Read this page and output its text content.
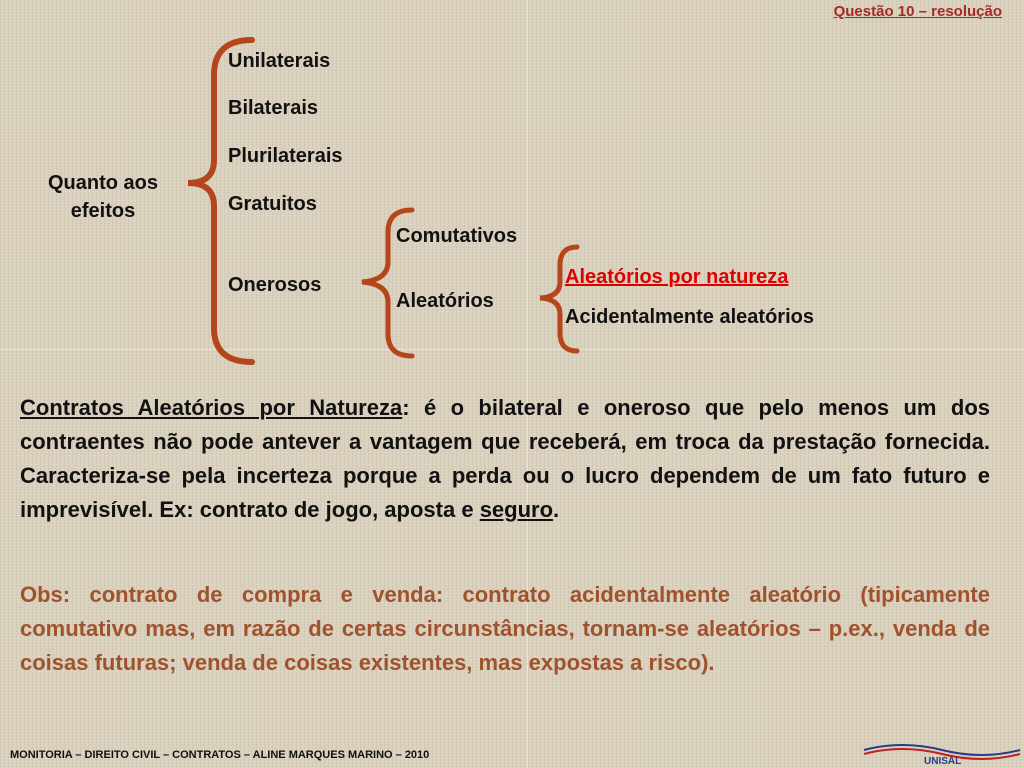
Questão 10 – resolução
Quanto aos efeitos
Unilaterais
Bilaterais
Plurilaterais
Gratuitos
Onerosos
Comutativos
Aleatórios
Aleatórios por natureza
Acidentalmente aleatórios

Contratos Aleatórios por Natureza: é o bilateral e oneroso que pelo menos um dos contraentes não pode antever a vantagem que receberá, em troca da prestação fornecida. Caracteriza-se pela incerteza porque a perda ou o lucro dependem de um fato futuro e imprevisível. Ex: contrato de jogo, aposta e seguro.

Obs: contrato de compra e venda: contrato acidentalmente aleatório (tipicamente comutativo mas, em razão de certas circunstâncias, tornam-se aleatórios – p.ex., venda de coisas futuras; venda de coisas existentes, mas expostas a risco).

MONITORIA – DIREITO CIVIL – CONTRATOS – ALINE MARQUES MARINO – 2010
UNISAL
